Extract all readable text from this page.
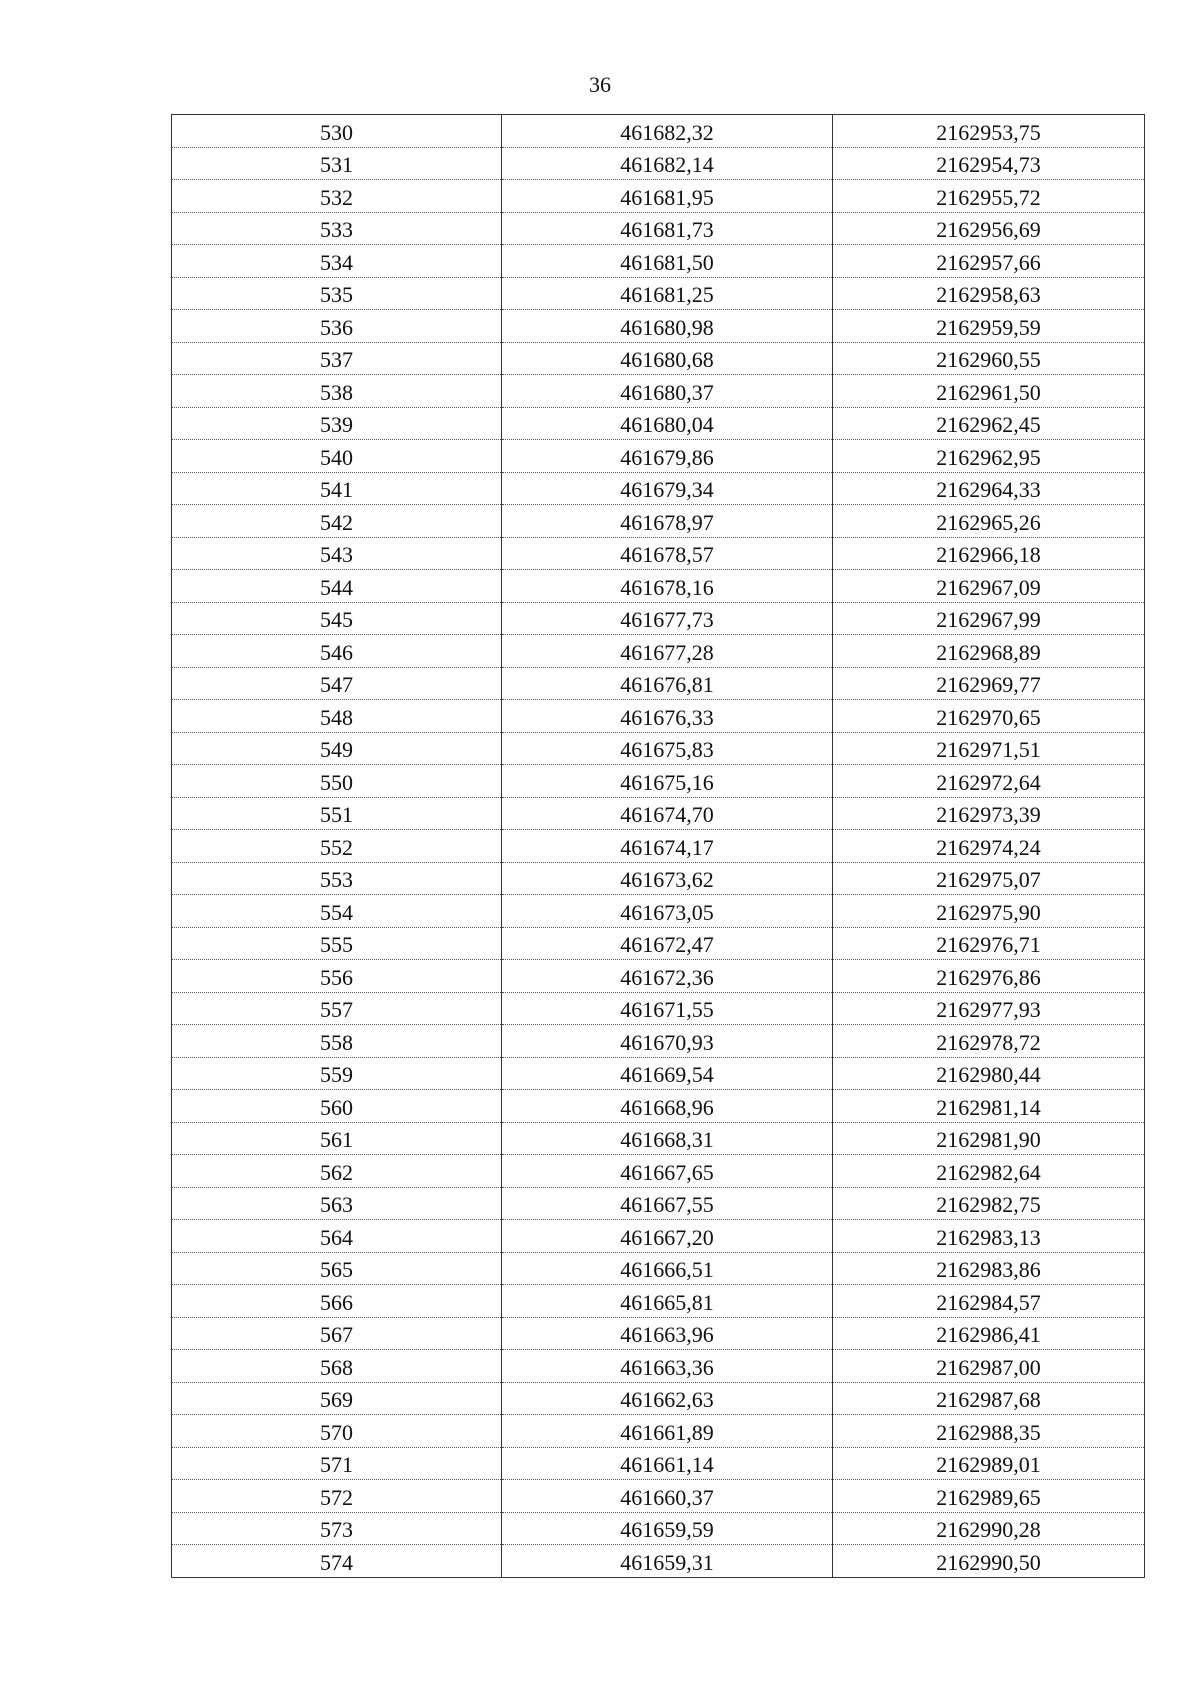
36
530	461682,32	2162953,75
531	461682,14	2162954,73
532	461681,95	2162955,72
533	461681,73	2162956,69
534	461681,50	2162957,66
535	461681,25	2162958,63
536	461680,98	2162959,59
537	461680,68	2162960,55
538	461680,37	2162961,50
539	461680,04	2162962,45
540	461679,86	2162962,95
541	461679,34	2162964,33
542	461678,97	2162965,26
543	461678,57	2162966,18
544	461678,16	2162967,09
545	461677,73	2162967,99
546	461677,28	2162968,89
547	461676,81	2162969,77
548	461676,33	2162970,65
549	461675,83	2162971,51
550	461675,16	2162972,64
551	461674,70	2162973,39
552	461674,17	2162974,24
553	461673,62	2162975,07
554	461673,05	2162975,90
555	461672,47	2162976,71
556	461672,36	2162976,86
557	461671,55	2162977,93
558	461670,93	2162978,72
559	461669,54	2162980,44
560	461668,96	2162981,14
561	461668,31	2162981,90
562	461667,65	2162982,64
563	461667,55	2162982,75
564	461667,20	2162983,13
565	461666,51	2162983,86
566	461665,81	2162984,57
567	461663,96	2162986,41
568	461663,36	2162987,00
569	461662,63	2162987,68
570	461661,89	2162988,35
571	461661,14	2162989,01
572	461660,37	2162989,65
573	461659,59	2162990,28
574	461659,31	2162990,50
